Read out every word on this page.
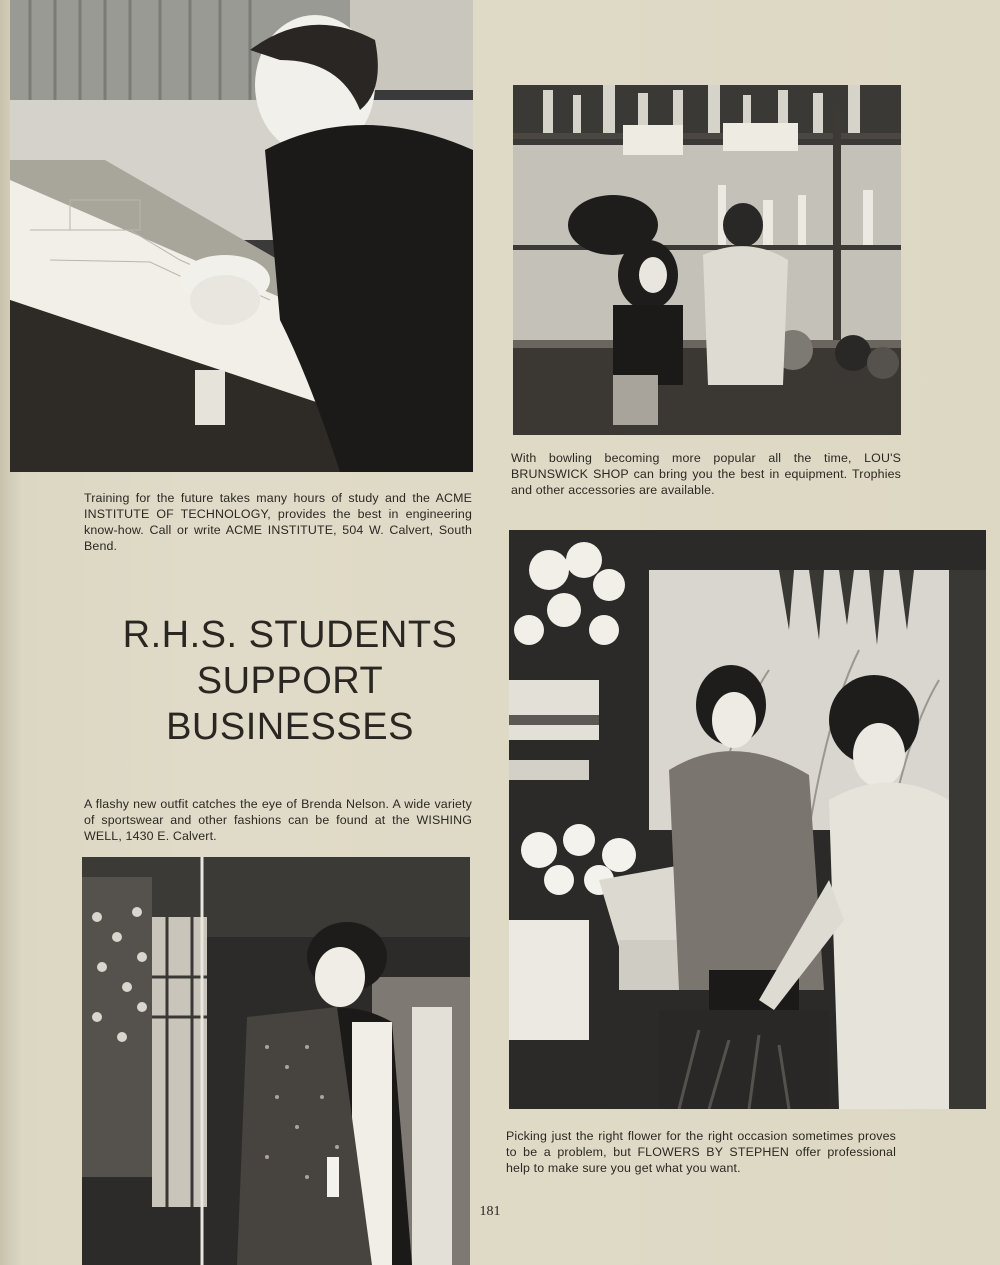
Training for the future takes many hours of study and the ACME INSTITUTE OF TECHNOLOGY, provides the best in engineering know-how. Call or write ACME INSTITUTE, 504 W. Calvert, South Bend.

R.H.S. STUDENTS
SUPPORT BUSINESSES

A flashy new outfit catches the eye of Brenda Nelson. A wide variety of sportswear and other fashions can be found at the WISHING WELL, 1430 E. Calvert.

With bowling becoming more popular all the time, LOU'S BRUNSWICK SHOP can bring you the best in equipment. Trophies and other accessories are available.

Picking just the right flower for the right occasion sometimes proves to be a problem, but FLOWERS BY STEPHEN offer professional help to make sure you get what you want.

181
